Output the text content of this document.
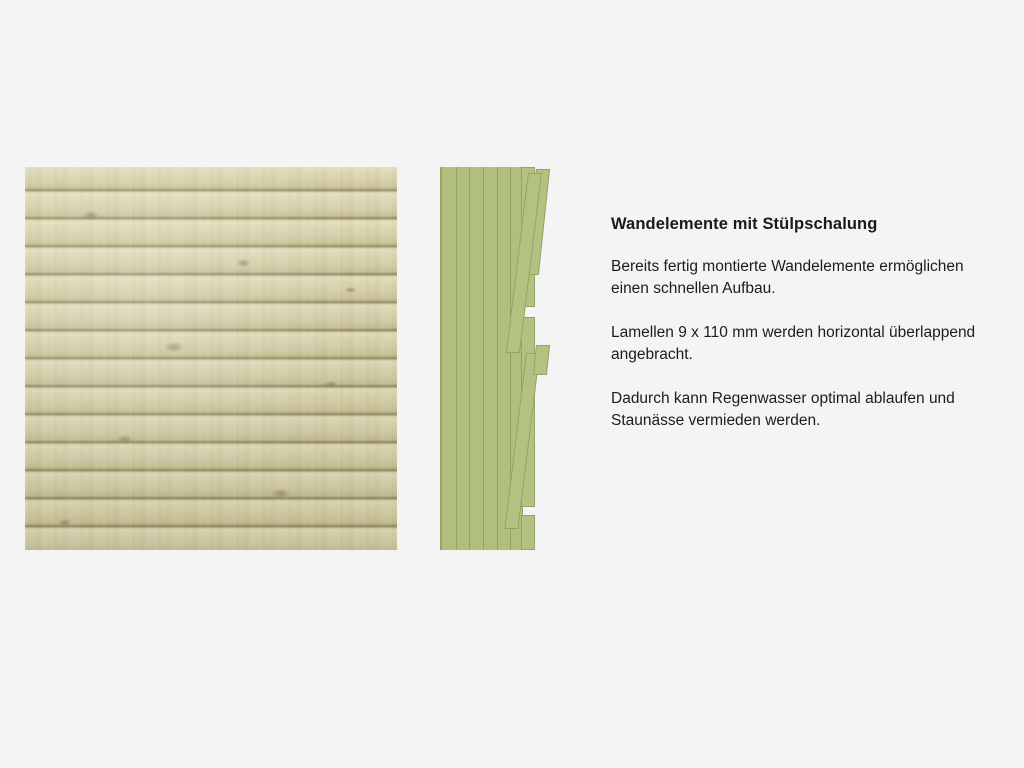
Wandelemente mit Stülpschalung

Bereits fertig montierte Wandelemente ermöglichen einen schnellen Aufbau.

Lamellen 9 x 110 mm werden horizontal überlappend angebracht.

Dadurch kann Regenwasser optimal ablaufen und Staunässe vermieden werden.
